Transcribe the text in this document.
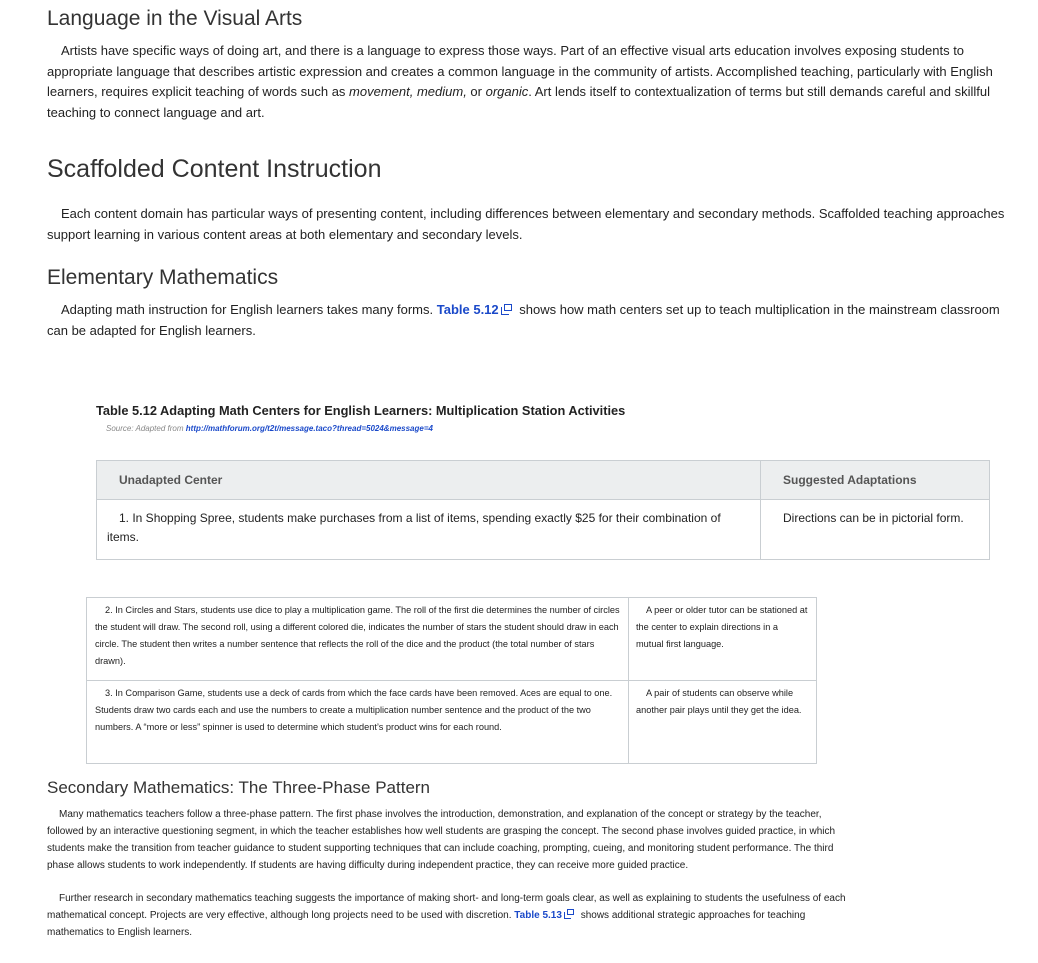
Language in the Visual Arts

Artists have specific ways of doing art, and there is a language to express those ways. Part of an effective visual arts education involves exposing students to appropriate language that describes artistic expression and creates a common language in the community of artists. Accomplished teaching, particularly with English learners, requires explicit teaching of words such as movement, medium, or organic. Art lends itself to contextualization of terms but still demands careful and skillful teaching to connect language and art.

Scaffolded Content Instruction

Each content domain has particular ways of presenting content, including differences between elementary and secondary methods. Scaffolded teaching approaches support learning in various content areas at both elementary and secondary levels.

Elementary Mathematics

Adapting math instruction for English learners takes many forms. Table 5.12
shows how math centers set up to teach multiplication in the mainstream classroom can be adapted for English learners.

Table 5.12 Adapting Math Centers for English Learners: Multiplication Station Activities
Source: Adapted from http://mathforum.org/t2t/message.taco?thread=5024&message=4
Unadapted Center	Suggested Adaptations

1. In Shopping Spree, students make purchases from a list of items, spending exactly $25 for their combination of items.	Directions can be in pictorial form.
2. In Circles and Stars, students use dice to play a multiplication game. The roll of the first die determines the number of circles the student will draw. The second roll, using a different colored die, indicates the number of stars the student should draw in each circle. The student then writes a number sentence that reflects the roll of the dice and the product (the total number of stars drawn).	A peer or older tutor can be stationed at the center to explain directions in a mutual first language.

3. In Comparison Game, students use a deck of cards from which the face cards have been removed. Aces are equal to one. Students draw two cards each and use the numbers to create a multiplication number sentence and the product of the two numbers. A “more or less” spinner is used to determine which student’s product wins for each round.	A pair of students can observe while another pair plays until they get the idea.
Secondary Mathematics: The Three-Phase Pattern

Many mathematics teachers follow a three-phase pattern. The first phase involves the introduction, demonstration, and explanation of the concept or strategy by the teacher, followed by an interactive questioning segment, in which the teacher establishes how well students are grasping the concept. The second phase involves guided practice, in which students make the transition from teacher guidance to student supporting techniques that can include coaching, prompting, cueing, and monitoring student performance. The third phase allows students to work independently. If students are having difficulty during independent practice, they can receive more guided practice.

Further research in secondary mathematics teaching suggests the importance of making short- and long-term goals clear, as well as explaining to students the usefulness of each mathematical concept. Projects are very effective, although long projects need to be used with discretion. Table 5.13
shows additional strategic approaches for teaching mathematics to English learners.
